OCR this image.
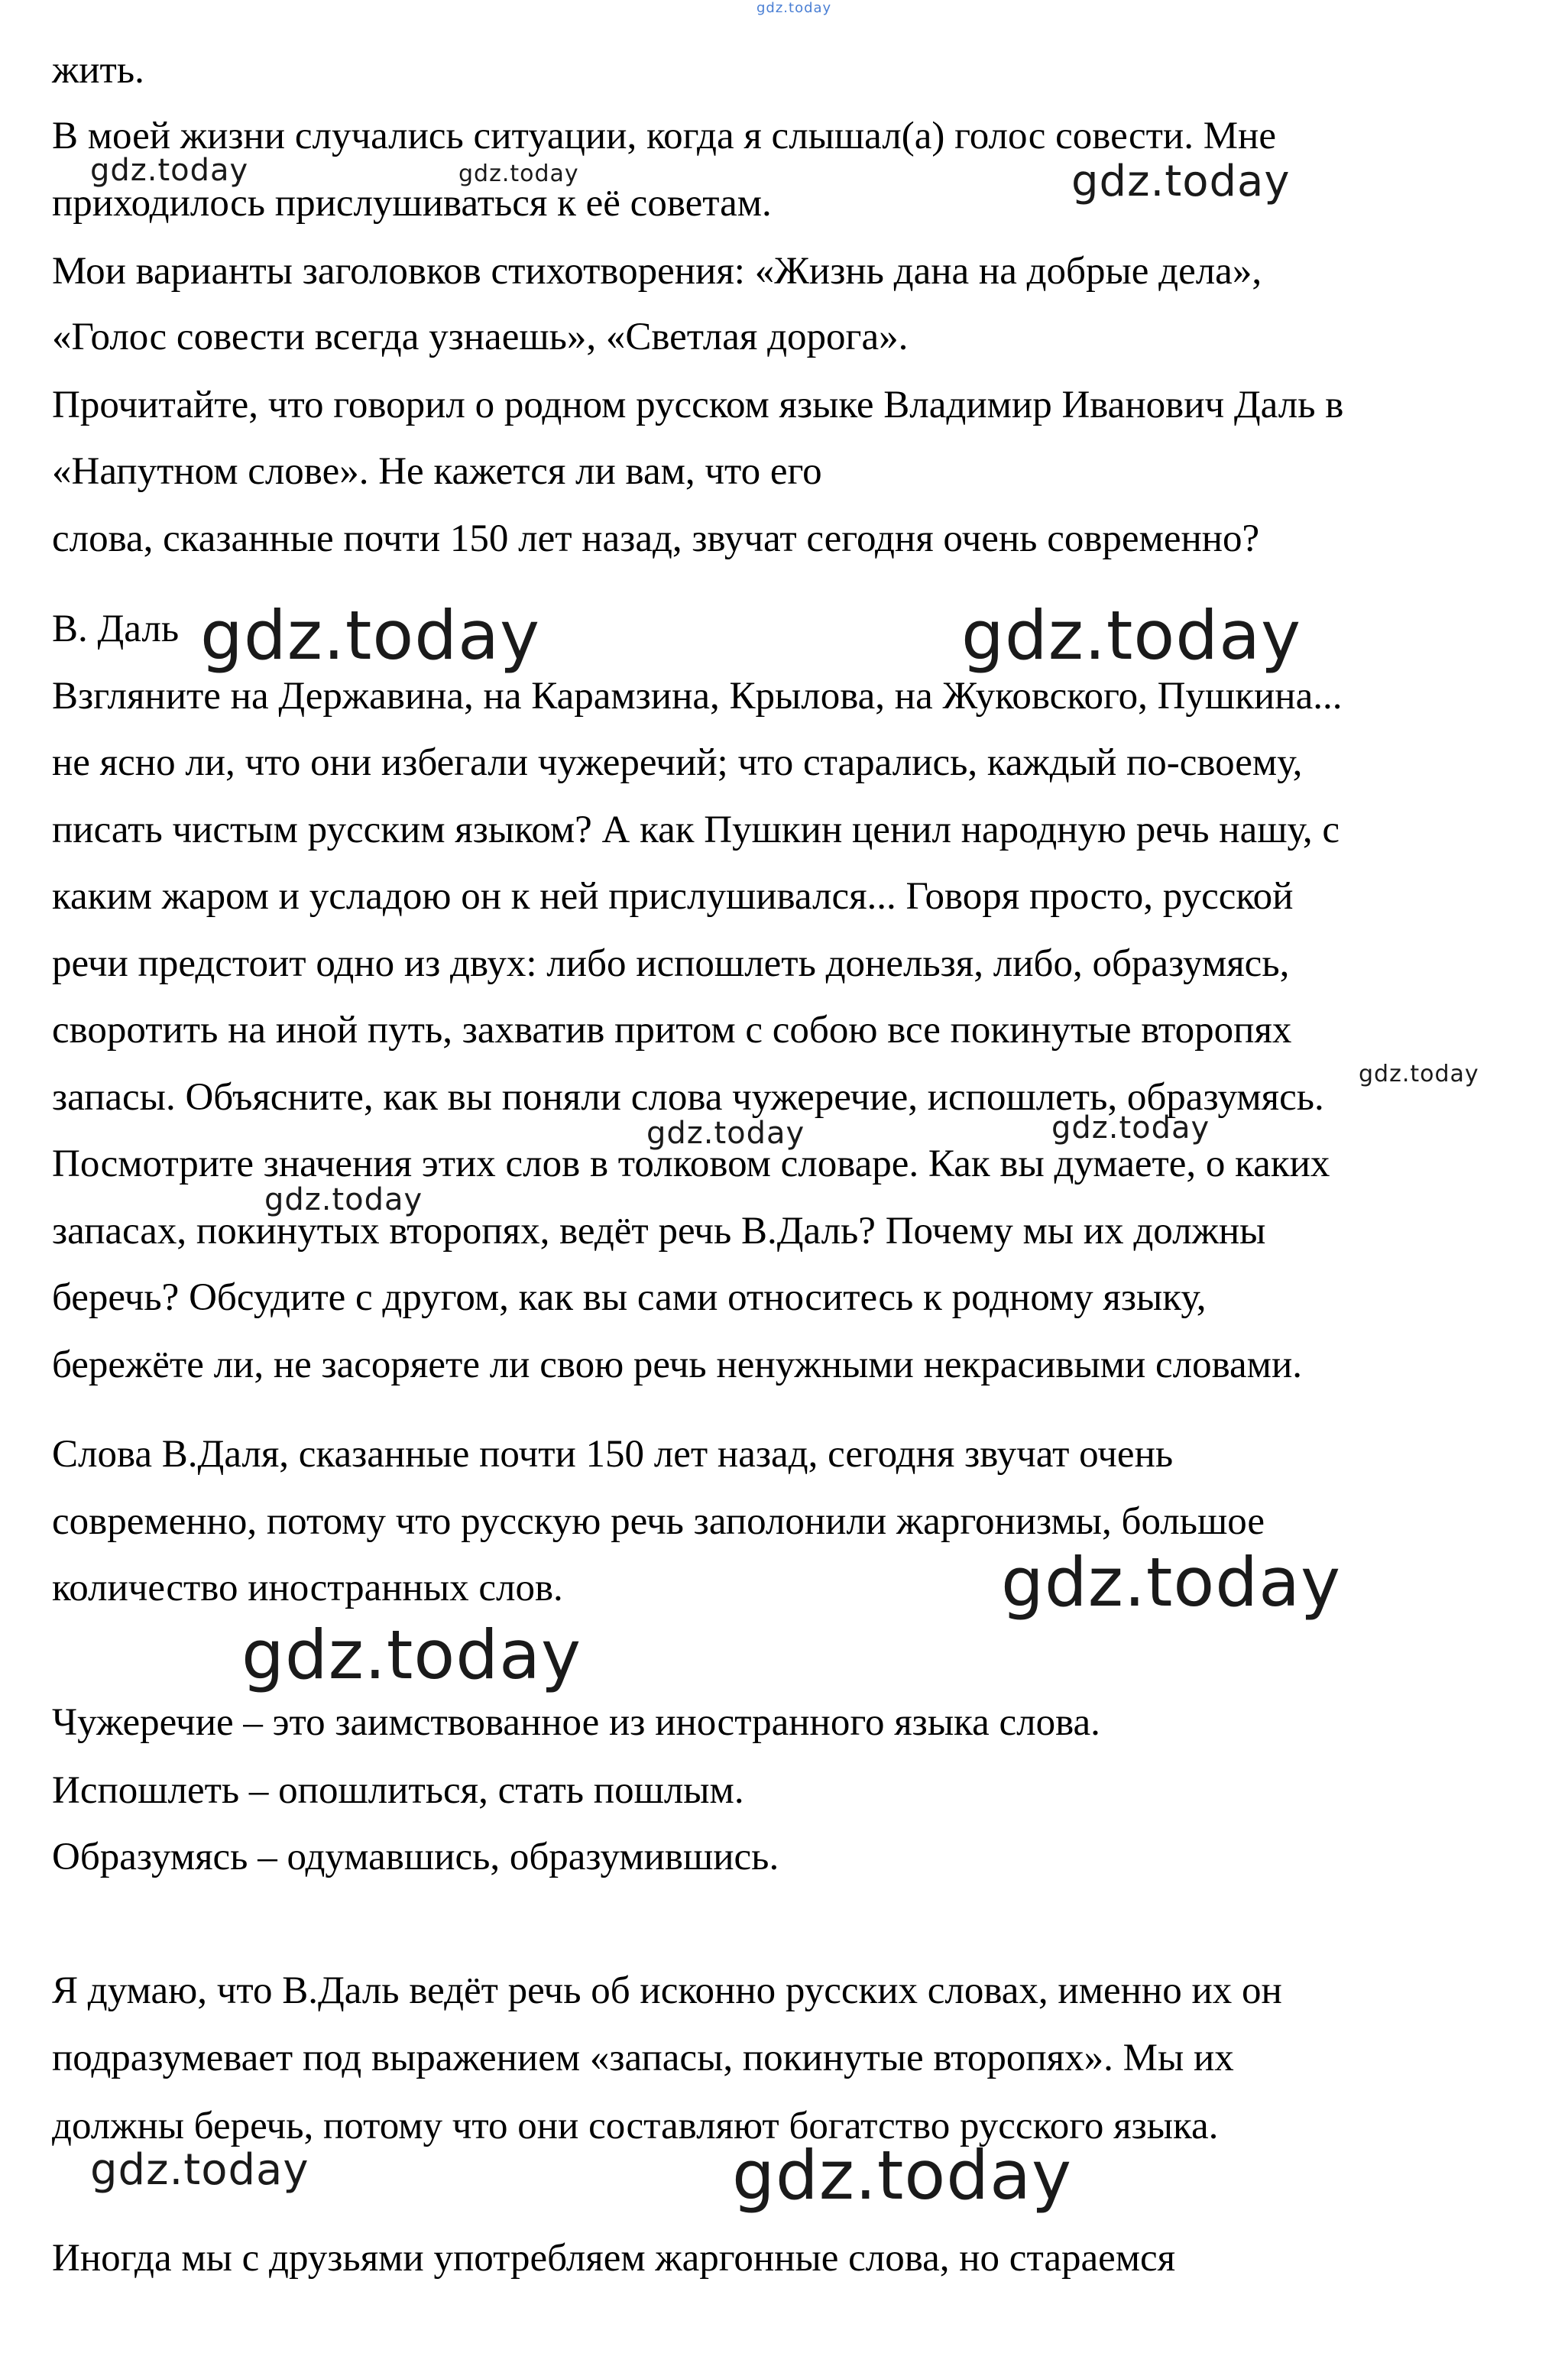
gdz.today
gdz.today	gdz.today	gdz.today
gdz.today	gdz.today
gdz.today
gdz.today	gdz.today
gdz.today
gdz.today
gdz.today
gdz.today	gdz.today

жить.

В моей жизни случались ситуации, когда я слышал(а) голос совести. Мне

приходилось прислушиваться к её советам.

Мои варианты заголовков стихотворения: «Жизнь дана на добрые дела»,

«Голос совести всегда узнаешь», «Светлая дорога».

Прочитайте, что говорил о родном русском языке Владимир Иванович Даль в

«Напутном слове». Не кажется ли вам, что его

слова, сказанные почти 150 лет назад, звучат сегодня очень современно?

В. Даль

Взгляните на Державина, на Карамзина, Крылова, на Жуковского, Пушкина...

не ясно ли, что они избегали чужеречий; что старались, каждый по-своему,

писать чистым русским языком? А как Пушкин ценил народную речь нашу, с

каким жаром и усладою он к ней прислушивался... Говоря просто, русской

речи предстоит одно из двух: либо испошлеть донельзя, либо, образумясь,

своротить на иной путь, захватив притом с собою все покинутые второпях

запасы. Объясните, как вы поняли слова чужеречие, испошлеть, образумясь.

Посмотрите значения этих слов в толковом словаре. Как вы думаете, о каких

запасах, покинутых второпях, ведёт речь В.Даль? Почему мы их должны

беречь? Обсудите с другом, как вы сами относитесь к родному языку,

бережёте ли, не засоряете ли свою речь ненужными некрасивыми словами.

Слова В.Даля, сказанные почти 150 лет назад, сегодня звучат очень

современно, потому что русскую речь заполонили жаргонизмы, большое

количество иностранных слов.

Чужеречие – это заимствованное из иностранного языка слова.

Испошлеть – опошлиться, стать пошлым.

Образумясь – одумавшись, образумившись.

Я думаю, что В.Даль ведёт речь об исконно русских словах, именно их он

подразумевает под выражением «запасы, покинутые второпях». Мы их

должны беречь, потому что они составляют богатство русского языка.

Иногда мы с друзьями употребляем жаргонные слова, но стараемся
